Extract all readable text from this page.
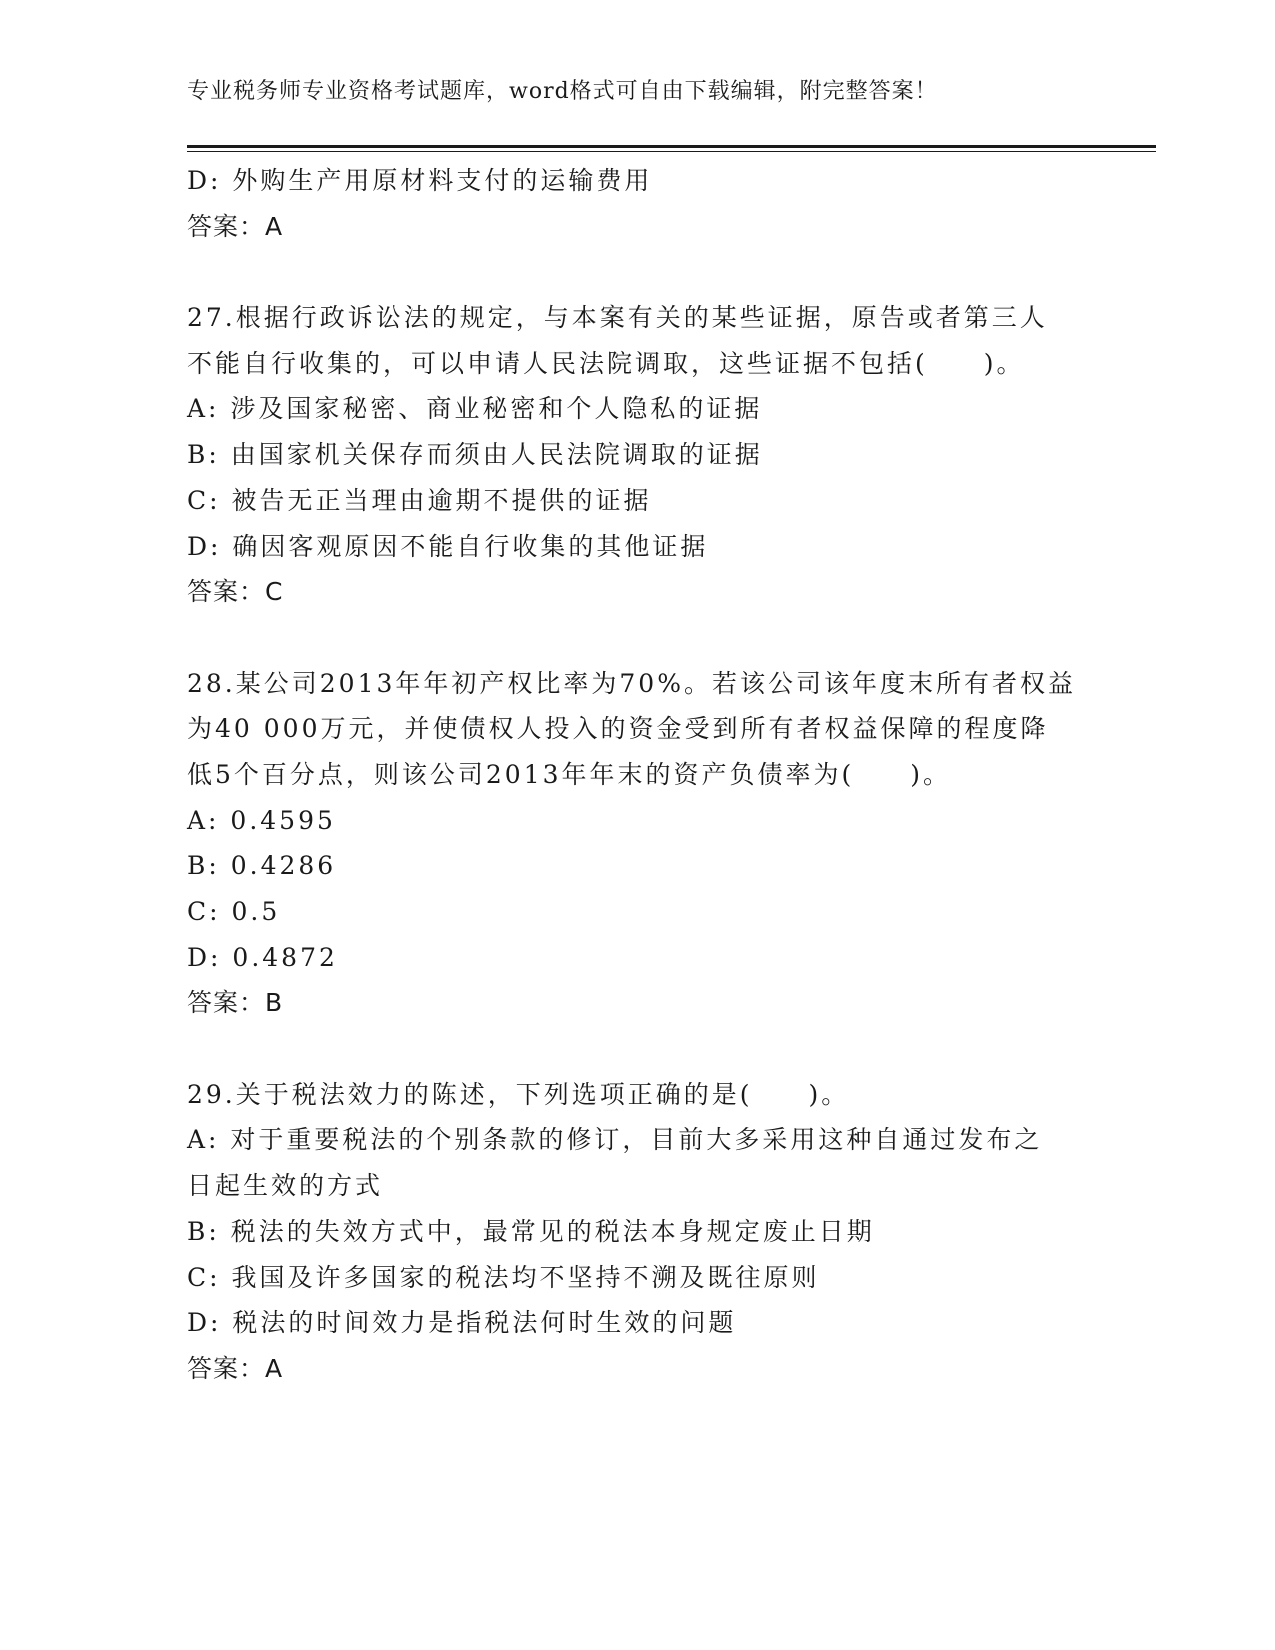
专业税务师专业资格考试题库，word格式可自由下载编辑，附完整答案！
D: 外购生产用原材料支付的运输费用
答案：A
27.根据行政诉讼法的规定，与本案有关的某些证据，原告或者第三人
不能自行收集的，可以申请人民法院调取，这些证据不包括(　　)。
A: 涉及国家秘密、商业秘密和个人隐私的证据
B: 由国家机关保存而须由人民法院调取的证据
C: 被告无正当理由逾期不提供的证据
D: 确因客观原因不能自行收集的其他证据
答案：C
28.某公司2013年年初产权比率为70%。若该公司该年度末所有者权益
为40 000万元，并使债权人投入的资金受到所有者权益保障的程度降
低5个百分点，则该公司2013年年末的资产负债率为(　　)。
A: 0.4595
B: 0.4286
C: 0.5
D: 0.4872
答案：B
29.关于税法效力的陈述，下列选项正确的是(　　)。
A: 对于重要税法的个别条款的修订，目前大多采用这种自通过发布之
日起生效的方式
B: 税法的失效方式中，最常见的税法本身规定废止日期
C: 我国及许多国家的税法均不坚持不溯及既往原则
D: 税法的时间效力是指税法何时生效的问题
答案：A
